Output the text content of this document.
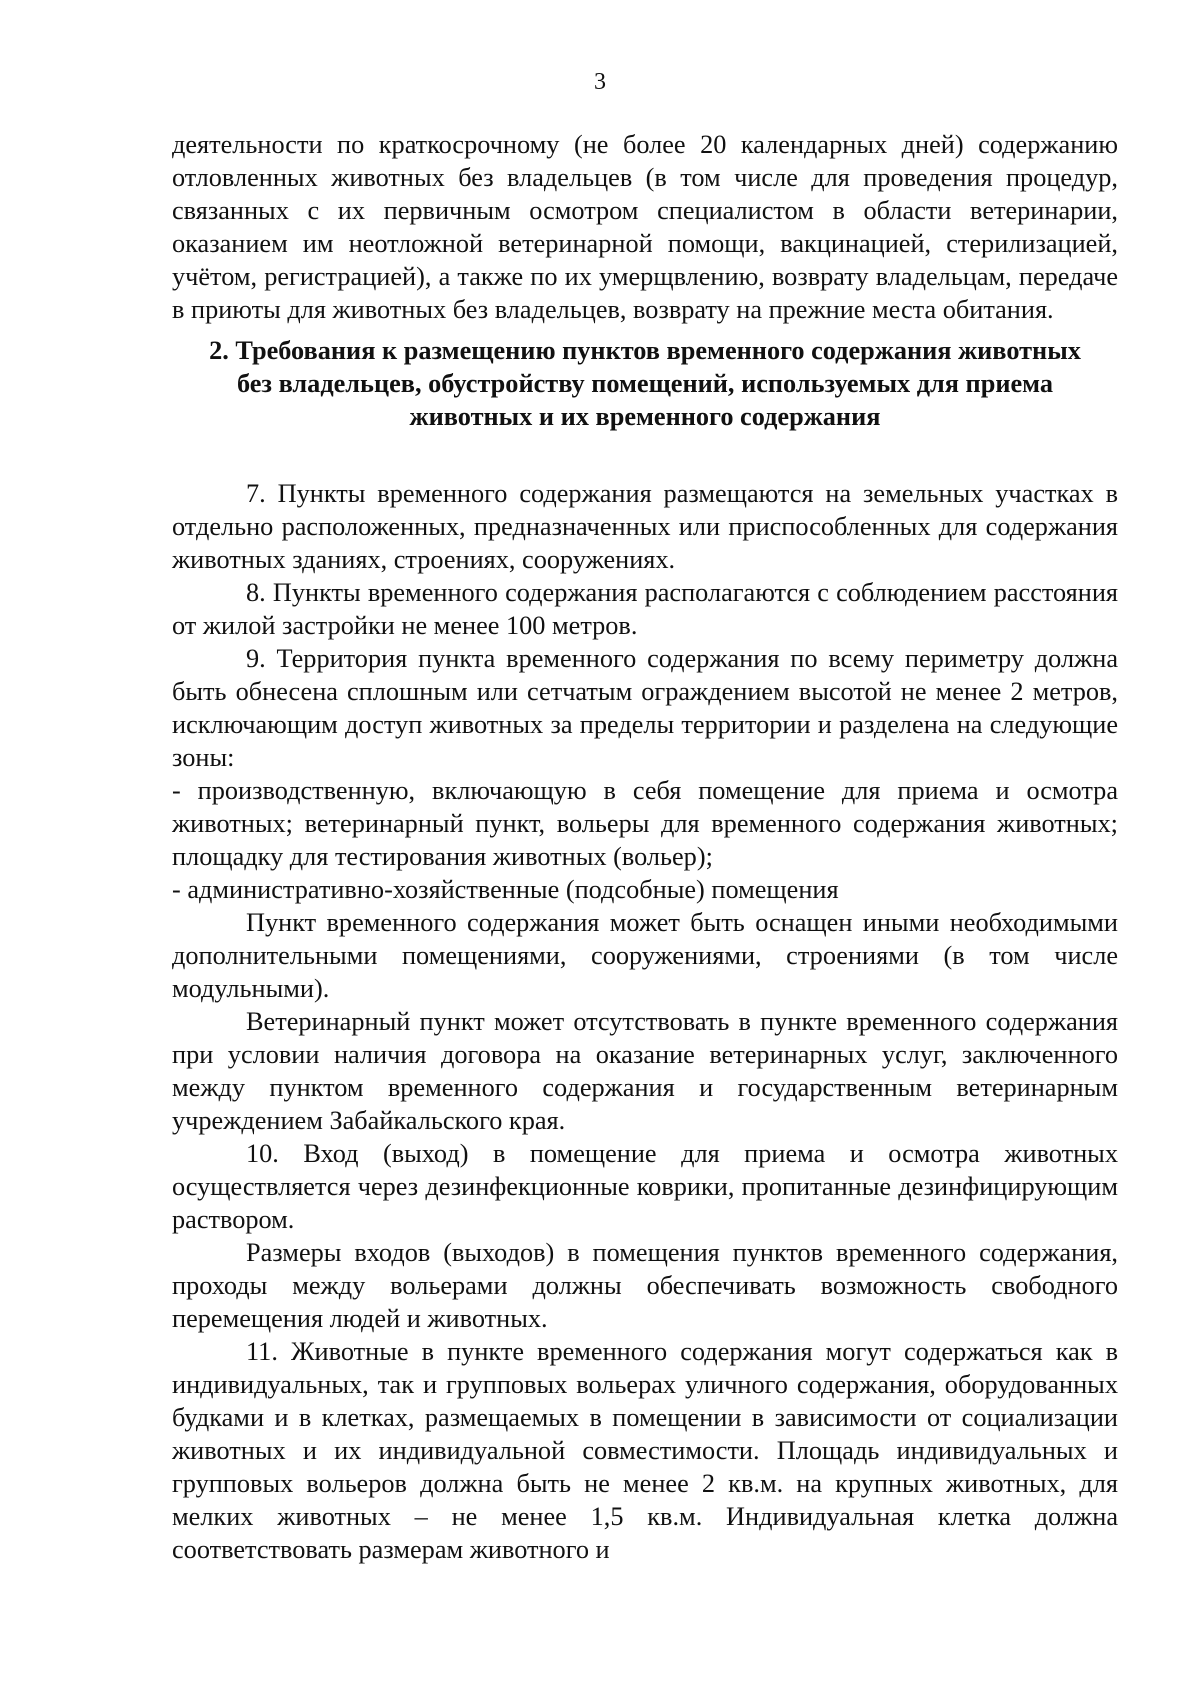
3

деятельности по краткосрочному (не более 20 календарных дней) содержанию отловленных животных без владельцев (в том числе для проведения процедур, связанных с их первичным осмотром специалистом в области ветеринарии, оказанием им неотложной ветеринарной помощи, вакцинацией, стерилизацией, учётом, регистрацией), а также по их умерщвлению, возврату владельцам, передаче в приюты для животных без владельцев, возврату на прежние места обитания.

2. Требования к размещению пунктов временного содержания животных
без владельцев, обустройству помещений, используемых для приема
животных и их временного содержания

7. Пункты временного содержания размещаются на земельных участках в отдельно расположенных, предназначенных или приспособленных для содержания животных зданиях, строениях, сооружениях.

8. Пункты временного содержания располагаются с соблюдением расстояния от жилой застройки не менее 100 метров.

9. Территория пункта временного содержания по всему периметру должна быть обнесена сплошным или сетчатым ограждением высотой не менее 2 метров, исключающим доступ животных за пределы территории и разделена на следующие зоны:

- производственную, включающую в себя помещение для приема и осмотра животных; ветеринарный пункт, вольеры для временного содержания животных; площадку для тестирования животных (вольер);

- административно-хозяйственные (подсобные) помещения

Пункт временного содержания может быть оснащен иными необходимыми дополнительными помещениями, сооружениями, строениями (в том числе модульными).

Ветеринарный пункт может отсутствовать в пункте временного содержания при условии наличия договора на оказание ветеринарных услуг, заключенного между пунктом временного содержания и государственным ветеринарным учреждением Забайкальского края.

10. Вход (выход) в помещение для приема и осмотра животных осуществляется через дезинфекционные коврики, пропитанные дезинфицирующим раствором.

Размеры входов (выходов) в помещения пунктов временного содержания, проходы между вольерами должны обеспечивать возможность свободного перемещения людей и животных.

11. Животные в пункте временного содержания могут содержаться как в индивидуальных, так и групповых вольерах уличного содержания, оборудованных будками и в клетках, размещаемых в помещении в зависимости от социализации животных и их индивидуальной совместимости. Площадь индивидуальных и групповых вольеров должна быть не менее 2 кв.м. на крупных животных, для мелких животных – не менее 1,5 кв.м. Индивидуальная клетка должна соответствовать размерам животного и
